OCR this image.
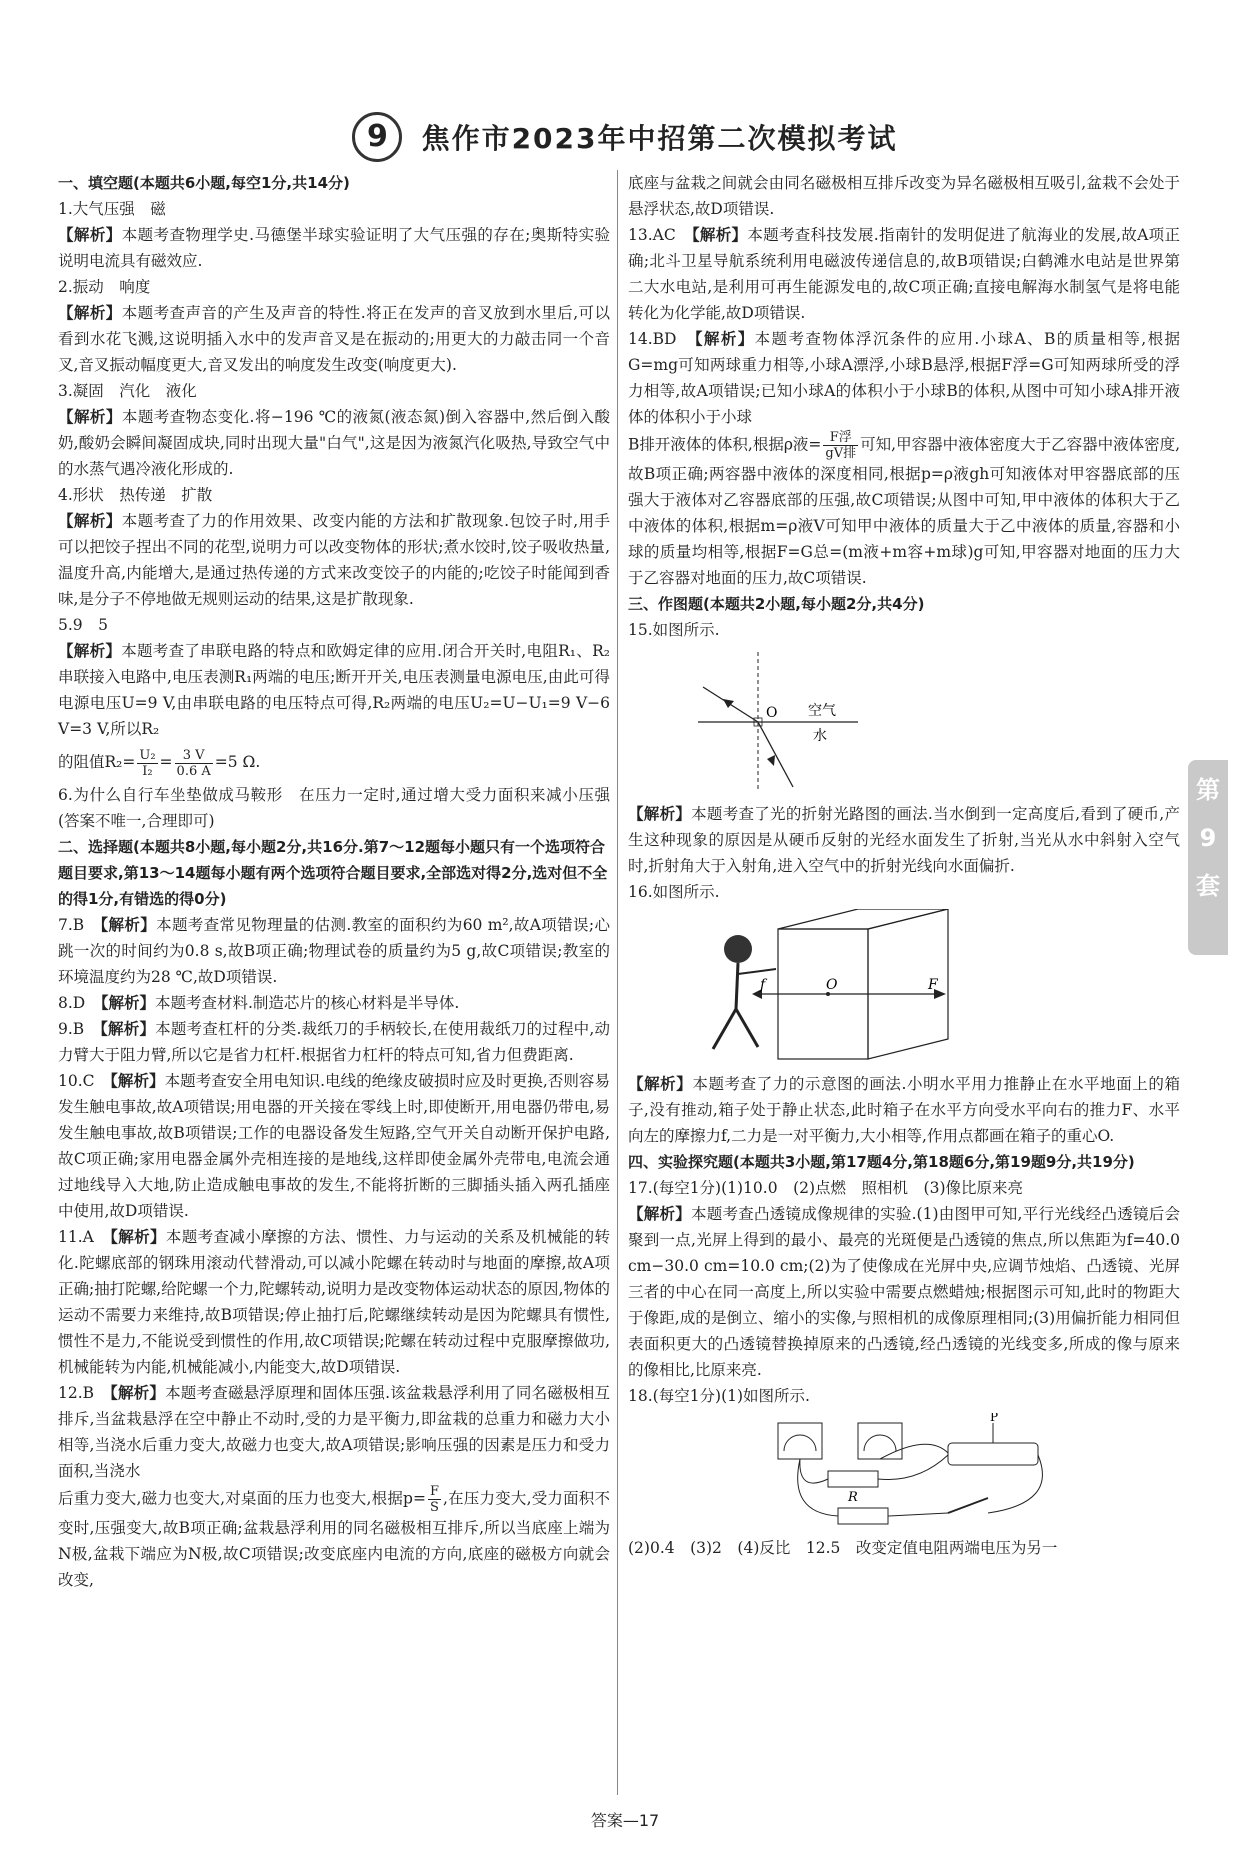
9 焦作市2023年中招第二次模拟考试
一、填空题(本题共6小题,每空1分,共14分)

1.大气压强　磁

【解析】本题考查物理学史.马德堡半球实验证明了大气压强的存在;奥斯特实验说明电流具有磁效应.

2.振动　响度

【解析】本题考查声音的产生及声音的特性.将正在发声的音叉放到水里后,可以看到水花飞溅,这说明插入水中的发声音叉是在振动的;用更大的力敲击同一个音叉,音叉振动幅度更大,音叉发出的响度发生改变(响度更大).

3.凝固　汽化　液化

【解析】本题考查物态变化.将−196 ℃的液氮(液态氮)倒入容器中,然后倒入酸奶,酸奶会瞬间凝固成块,同时出现大量"白气",这是因为液氮汽化吸热,导致空气中的水蒸气遇冷液化形成的.

4.形状　热传递　扩散

【解析】本题考查了力的作用效果、改变内能的方法和扩散现象.包饺子时,用手可以把饺子捏出不同的花型,说明力可以改变物体的形状;煮水饺时,饺子吸收热量,温度升高,内能增大,是通过热传递的方式来改变饺子的内能的;吃饺子时能闻到香味,是分子不停地做无规则运动的结果,这是扩散现象.

5.9　5

【解析】本题考查了串联电路的特点和欧姆定律的应用.闭合开关时,电阻R₁、R₂串联接入电路中,电压表测R₁两端的电压;断开开关,电压表测量电源电压,由此可得电源电压U=9 V,由串联电路的电压特点可得,R₂两端的电压U₂=U−U₁=9 V−6 V=3 V,所以R₂

的阻值$R_2= \frac{\text{U₂}}{\text{I₂}} = \frac{3 V}{0.6 A} =5$ Ω.

6.为什么自行车坐垫做成马鞍形　在压力一定时,通过增大受力面积来减小压强(答案不唯一,合理即可)

二、选择题(本题共8小题,每小题2分,共16分.第7～12题每小题只有一个选项符合题目要求,第13～14题每小题有两个选项符合题目要求,全部选对得2分,选对但不全的得1分,有错选的得0分)

7.B　 【解析】本题考查常见物理量的估测.教室的面积约为60 m²,故A项错误;心跳一次的时间约为0.8 s,故B项正确;物理试卷的质量约为5 g,故C项错误;教室的环境温度约为28 ℃,故D项错误.

8.D　 【解析】本题考查材料.制造芯片的核心材料是半导体.

9.B　 【解析】本题考查杠杆的分类.裁纸刀的手柄较长,在使用裁纸刀的过程中,动力臂大于阻力臂,所以它是省力杠杆.根据省力杠杆的特点可知,省力但费距离.

10.C　 【解析】本题考查安全用电知识.电线的绝缘皮破损时应及时更换,否则容易发生触电事故,故A项错误;用电器的开关接在零线上时,即使断开,用电器仍带电,易发生触电事故,故B项错误;工作的电器设备发生短路,空气开关自动断开保护电路,故C项正确;家用电器金属外壳相连接的是地线,这样即使金属外壳带电,电流会通过地线导入大地,防止造成触电事故的发生,不能将折断的三脚插头插入两孔插座中使用,故D项错误.

11.A　 【解析】本题考查减小摩擦的方法、惯性、力与运动的关系及机械能的转化.陀螺底部的钢珠用滚动代替滑动,可以减小陀螺在转动时与地面的摩擦,故A项正确;抽打陀螺,给陀螺一个力,陀螺转动,说明力是改变物体运动状态的原因,物体的运动不需要力来维持,故B项错误;停止抽打后,陀螺继续转动是因为陀螺具有惯性,惯性不是力,不能说受到惯性的作用,故C项错误;陀螺在转动过程中克服摩擦做功,机械能转为内能,机械能减小,内能变大,故D项错误.

12.B　 【解析】本题考查磁悬浮原理和固体压强.该盆栽悬浮利用了同名磁极相互排斥,当盆栽悬浮在空中静止不动时,受的力是平衡力,即盆栽的总重力和磁力大小相等,当浇水后重力变大,故磁力也变大,故A项错误;影响压强的因素是压力和受力面积,当浇水

后重力变大,磁力也变大,对桌面的压力也变大,根据$p= \frac{F}{S}$ ,在压力变大,受力面积不变时,压强变大,故B项正确;盆栽悬浮利用的同名磁极相互排斥,所以当底座上端为N极,盆栽下端应为N极,故C项错误;改变底座内电流的方向,底座的磁极方向就会改变,

底座与盆栽之间就会由同名磁极相互排斥改变为异名磁极相互吸引,盆栽不会处于悬浮状态,故D项错误.

13.AC　 【解析】本题考查科技发展.指南针的发明促进了航海业的发展,故A项正确;北斗卫星导航系统利用电磁波传递信息的,故B项错误;白鹤滩水电站是世界第二大水电站,是利用可再生能源发电的,故C项正确;直接电解海水制氢气是将电能转化为化学能,故D项错误.

14.BD　 【解析】本题考查物体浮沉条件的应用.小球A、B的质量相等,根据G=mg可知两球重力相等,小球A漂浮,小球B悬浮,根据F浮=G可知两球所受的浮力相等,故A项错误;已知小球A的体积小于小球B的体积,从图中可知小球A排开液体的体积小于小球

B排开液体的体积,根据ρ液= $\frac{\text{F浮}}{\text{gV排}}$ 可知,甲容器中液体密度大于乙容器中液体密度,故B项正确;两容器中液体的深度相同,根据p=ρ液gh可知液体对甲容器底部的压强大于液体对乙容器底部的压强,故C项错误;从图中可知,甲中液体的体积大于乙中液体的体积,根据m=ρ液V可知甲中液体的质量大于乙中液体的质量,容器和小球的质量均相等,根据F=G总=(m液+m容+m球)g可知,甲容器对地面的压力大于乙容器对地面的压力,故C项错误.

三、作图题(本题共2小题,每小题2分,共4分)

15.如图所示.

O 空气
水

【解析】本题考查了光的折射光路图的画法.当水倒到一定高度后,看到了硬币,产生这种现象的原因是从硬币反射的光经水面发生了折射,当光从水中斜射入空气时,折射角大于入射角,进入空气中的折射光线向水面偏折.

16.如图所示.

f	O	F

【解析】本题考查了力的示意图的画法.小明水平用力推静止在水平地面上的箱子,没有推动,箱子处于静止状态,此时箱子在水平方向受水平向右的推力F、水平向左的摩擦力f,二力是一对平衡力,大小相等,作用点都画在箱子的重心O.

四、实验探究题(本题共3小题,第17题4分,第18题6分,第19题9分,共19分)

17.(每空1分)(1)10.0　(2)点燃　照相机　(3)像比原来亮

【解析】本题考查凸透镜成像规律的实验.(1)由图甲可知,平行光线经凸透镜后会聚到一点,光屏上得到的最小、最亮的光斑便是凸透镜的焦点,所以焦距为f=40.0 cm−30.0 cm=10.0 cm;(2)为了使像成在光屏中央,应调节烛焰、凸透镜、光屏三者的中心在同一高度上,所以实验中需要点燃蜡烛;根据图示可知,此时的物距大于像距,成的是倒立、缩小的实像,与照相机的成像原理相同;(3)用偏折能力相同但表面积更大的凸透镜替换掉原来的凸透镜,经凸透镜的光线变多,所成的像与原来的像相比,比原来亮.

18.(每空1分)(1)如图所示.

R
P

(2)0.4　(3)2　(4)反比　12.5　改变定值电阻两端电压为另一

第
9
套
答案—17
